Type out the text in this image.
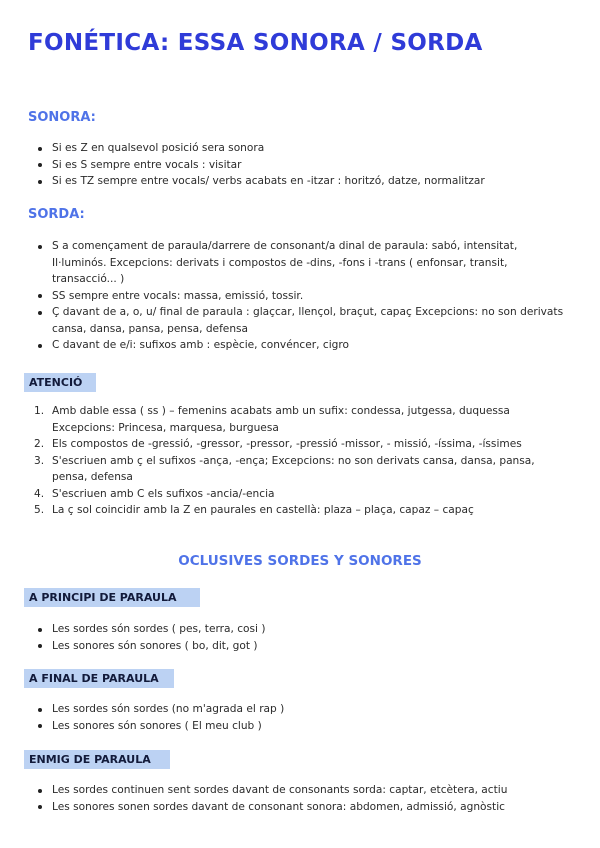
FONÉTICA: ESSA SONORA / SORDA
SONORA:
Si es Z en qualsevol posició sera sonora
Si es S sempre entre vocals : visitar
Si es TZ sempre entre vocals/ verbs acabats en -itzar : horitzó, datze, normalitzar
SORDA:
S a començament de paraula/darrere de consonant/a dinal de paraula: sabó, intensitat, Il·luminós. Excepcions: derivats i compostos de -dins, -fons i -trans ( enfonsar, transit, transacció... )
SS sempre entre vocals: massa, emissió, tossir.
Ç davant de a, o, u/ final de paraula : glaçcar, llençol, braçut, capaç Excepcions: no son derivats cansa, dansa, pansa, pensa, defensa
C davant de e/i: sufixos amb : espècie, convéncer, cigro
ATENCIÓ
1. Amb dable essa ( ss ) – femenins acabats amb un sufix: condessa, jutgessa, duquessa Excepcions: Princesa, marquesa, burguesa
2. Els compostos de -gressió, -gressor, -pressor, -pressió -missor, - missió, -íssima, -íssimes
3. S'escriuen amb ç el sufixos -ança, -ença; Excepcions: no son derivats cansa, dansa, pansa, pensa, defensa
4. S'escriuen amb C els sufixos -ancia/-encia
5. La ç sol coincidir amb la Z en paurales en castellà: plaza – plaça, capaz – capaç
OCLUSIVES SORDES Y SONORES
A PRINCIPI DE PARAULA
Les sordes són sordes ( pes, terra, cosi )
Les sonores són sonores ( bo, dit, got )
A FINAL DE PARAULA
Les sordes són sordes (no m'agrada el rap )
Les sonores són sonores ( El meu club )
ENMIG DE PARAULA
Les sordes continuen sent sordes davant de consonants sorda: captar, etcètera, actiu
Les sonores sonen sordes davant de consonant sonora: abdomen, admissió, agnòstic
